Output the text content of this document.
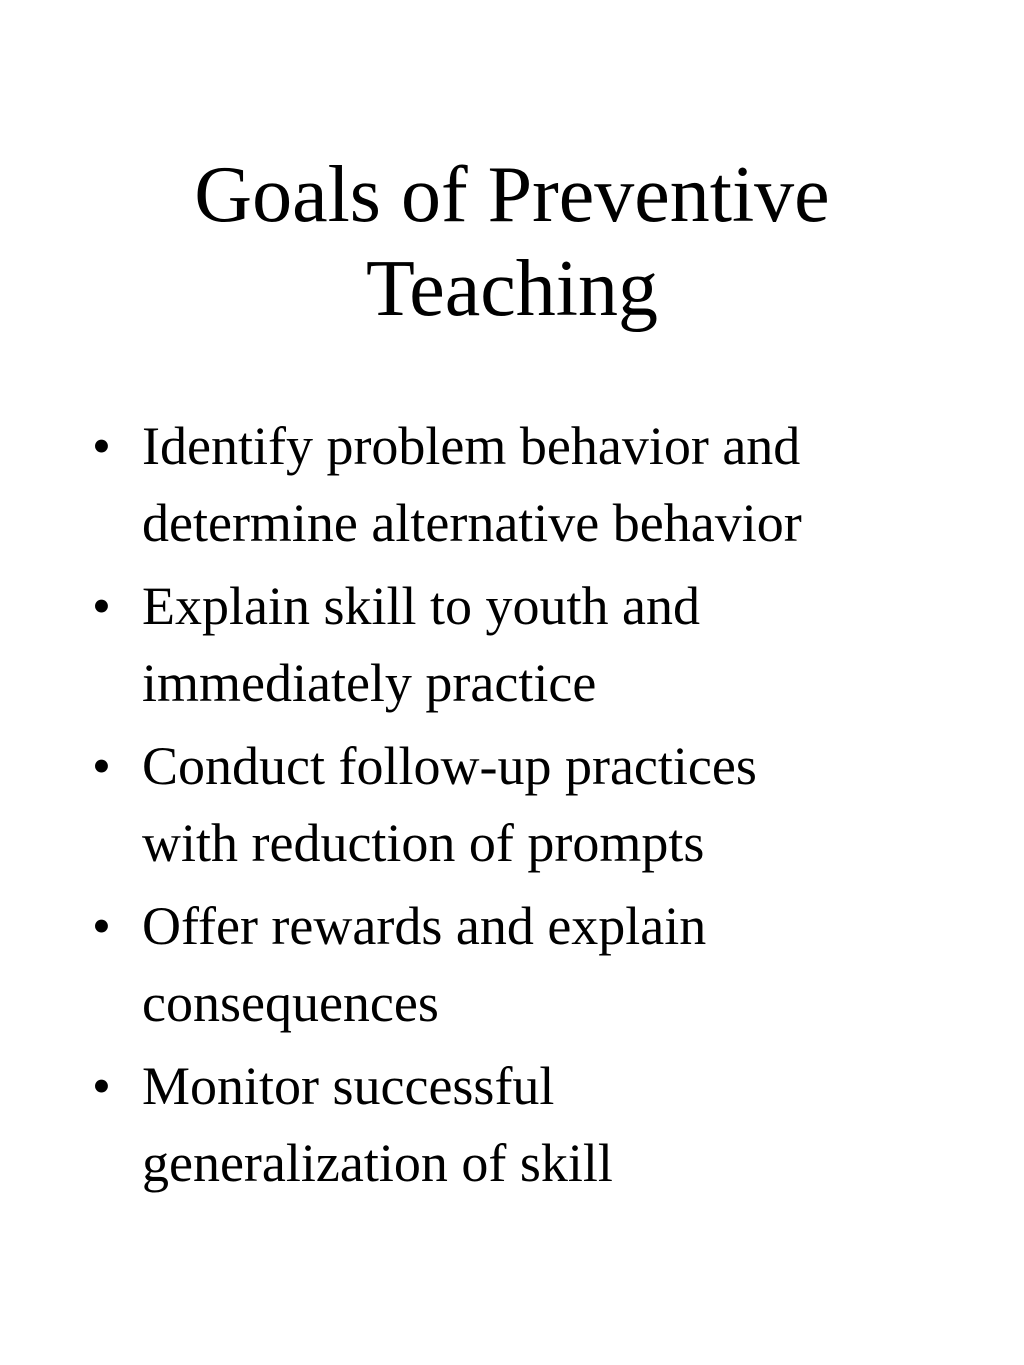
Goals of Preventive
Teaching
• Identify problem behavior and
determine alternative behavior
• Explain skill to youth and
immediately practice
• Conduct follow-up practices
with reduction of prompts
• Offer rewards and explain
consequences
• Monitor successful
generalization of skill
